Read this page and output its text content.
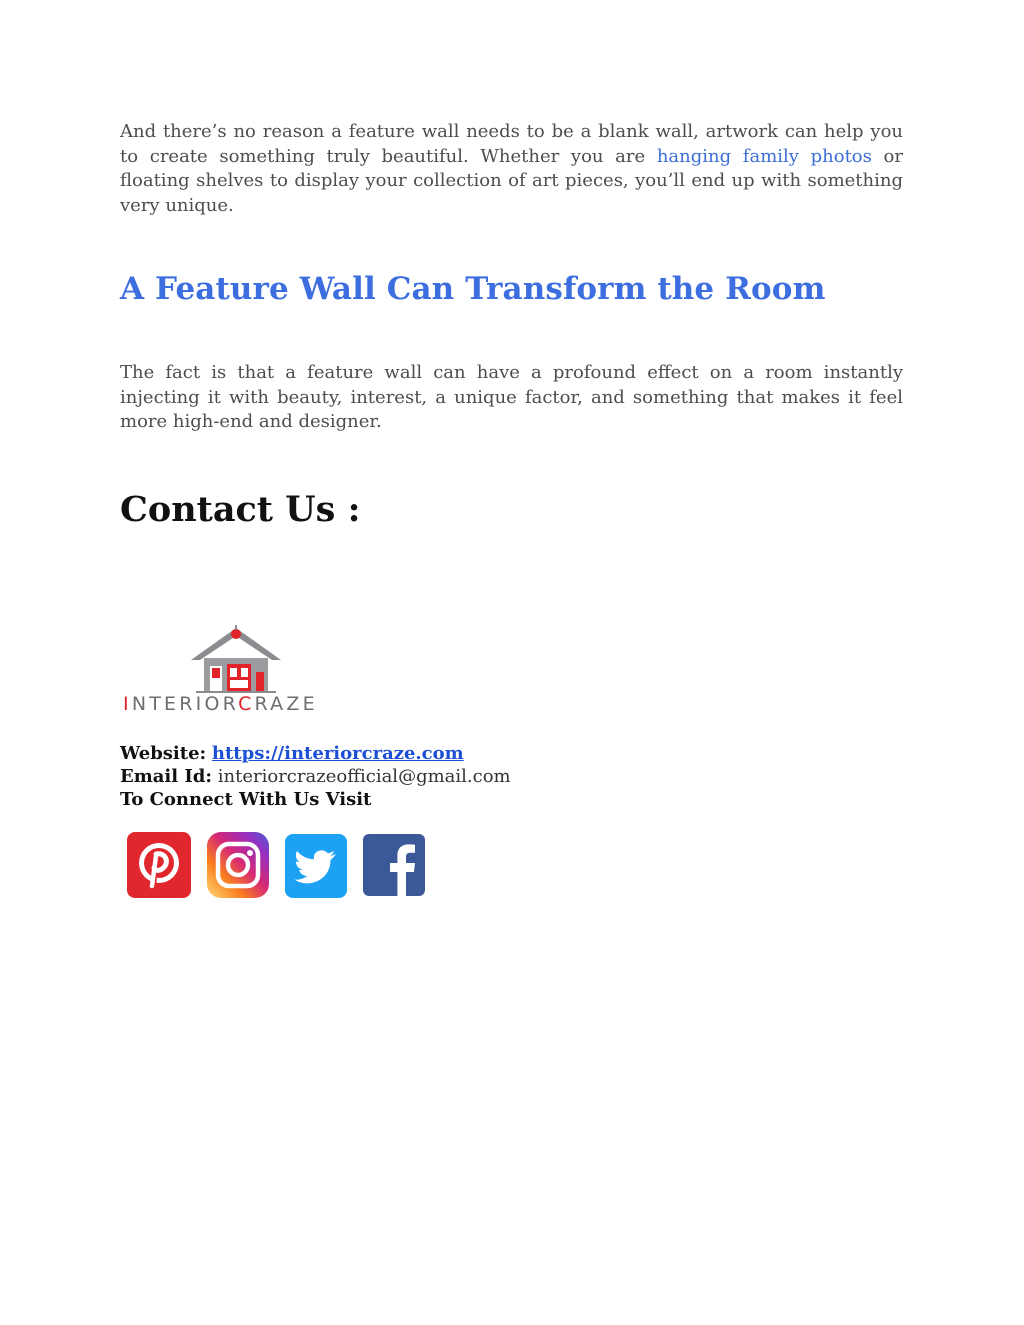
And there’s no reason a feature wall needs to be a blank wall, artwork can help you to create something truly beautiful. Whether you are hanging family photos or floating shelves to display your collection of art pieces, you’ll end up with something very unique.

A Feature Wall Can Transform the Room

The fact is that a feature wall can have a profound effect on a room instantly injecting it with beauty, interest, a unique factor, and something that makes it feel more high-end and designer.

Contact Us :
INTERIORCRAZE
Website: https://interiorcraze.com
Email Id: interiorcrazeofficial@gmail.com
To Connect With Us Visit
